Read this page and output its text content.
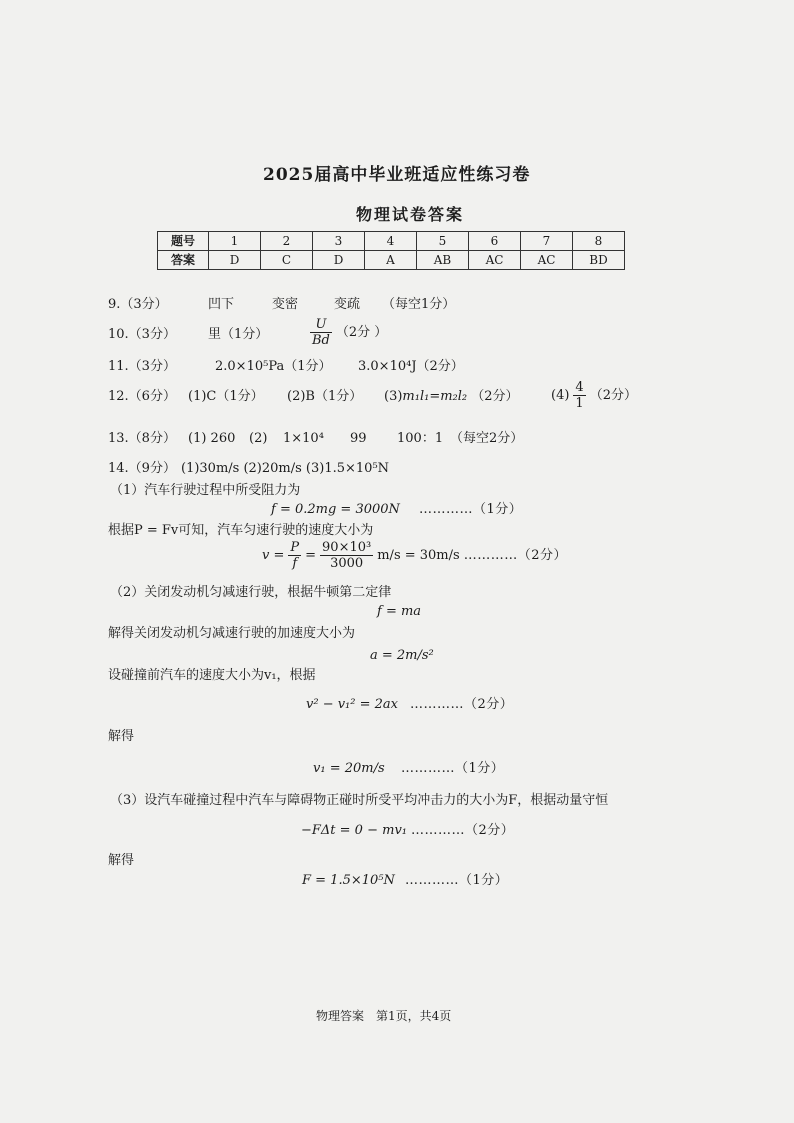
2025届高中毕业班适应性练习卷
物理试卷答案
题号	1	2	3	4	5	6	7	8
答案	D	C	D	A	AB	AC	AC	BD
9.（3分）	凹下	变密	变疏 （每空1分）
10.（3分） 里（1分）	$\frac{U}{Bd} (2$分 ）
11.（3分）	2.0×10⁵Pa（1分） 3.0×10⁴J（2分）
12.（6分） (1)C（1分） (2)B（1分） (3)m₁l₁=m₂l₂ （2分） $(4) \frac{4}{1} (2$分）
13.（8分） (1) 260 (2) 1×10⁴ 99 100：1 （每空2分）
14.（9分） (1)30m/s (2)20m/s (3)1.5×10⁵N
（1）汽车行驶过程中所受阻力为
f = 0.2mg = 3000N …………（1分）
根据P = Fv可知，汽车匀速行驶的速度大小为
$v = \frac{P}{f} = \frac{\text{90×10³}}{3000} m/s = 30m/s$ …………（2分）
（2）关闭发动机匀减速行驶，根据牛顿第二定律
f = ma
解得关闭发动机匀减速行驶的加速度大小为
a = 2m/s²
设碰撞前汽车的速度大小为v₁，根据
v² − v₁² = 2ax …………（2分）
解得
v₁ = 20m/s …………（1分）
（3）设汽车碰撞过程中汽车与障碍物正碰时所受平均冲击力的大小为F，根据动量守恒
−FΔt = 0 − mv₁ …………（2分）
解得
F = 1.5×10⁵N …………（1分）
物理答案　第1页，共4页
